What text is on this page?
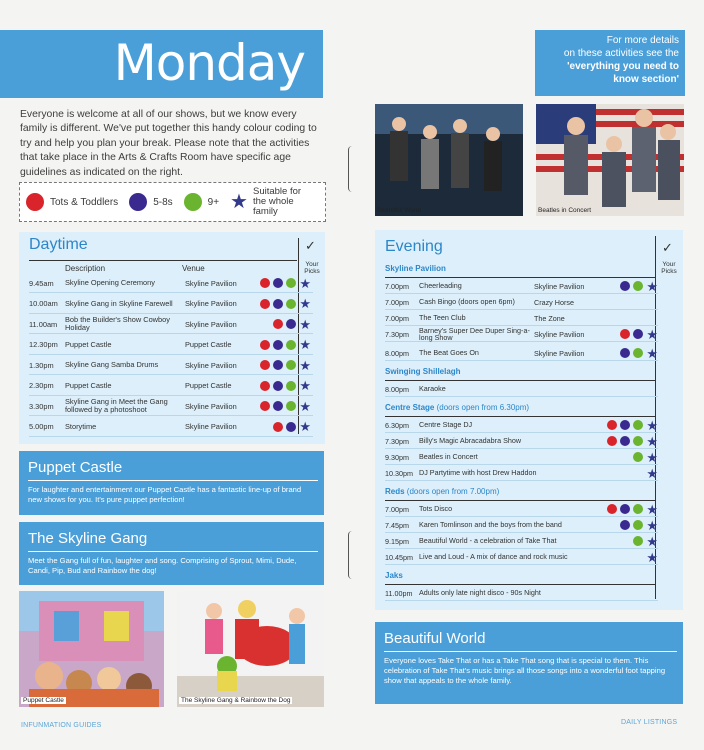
Monday

Everyone is welcome at all of our shows, but we know every family is different. We've put together this handy colour coding to try and help you plan your break. Please note that the activities that take place in the Arts & Crafts Room have specific age guidelines as indicated on the right.

Tots & Toddlers	5-8s	9+ ★ Suitable for the whole family
Daytime	✓
Your Picks
Description	Venue
9.45am	Skyline Opening Ceremony	Skyline Pavilion	★
10.00am Skyline Gang in Skyline Farewell	Skyline Pavilion	★
11.00am	Bob the Builder's Show Cowboy Holiday	Skyline Pavilion	★
12.30pm Puppet Castle	Puppet Castle	★
1.30pm	Skyline Gang Samba Drums	Skyline Pavilion	★
2.30pm	Puppet Castle	Puppet Castle	★
3.30pm	Skyline Gang in Meet the Gang followed by a photoshoot	Skyline Pavilion	★
5.00pm	Storytime	Skyline Pavilion	★
Puppet Castle

For laughter and entertainment our Puppet Castle has a fantastic line-up of brand new shows for you. It's pure puppet perfection!

The Skyline Gang

Meet the Gang full of fun, laughter and song. Comprising of Sprout, Mimi, Dude, Candi, Pip, Bud and Rainbow the dog!

Puppet Castle	The Skyline Gang & Rainbow the Dog
INFUNMATION GUIDES
For more details
on these activities see the
'everything you need to
know section'
Beautiful World	Beatles in Concert
Evening	✓
Your Picks
Skyline Pavilion
7.00pm	Cheerleading	Skyline Pavilion	★
7.00pm	Cash Bingo (doors open 6pm)	Crazy Horse
7.00pm	The Teen Club	The Zone
7.30pm	Barney's Super Dee Duper Sing-a-long Show	Skyline Pavilion	★
8.00pm	The Beat Goes On	Skyline Pavilion	★
Swinging Shillelagh
8.00pm	Karaoke
Centre Stage (doors open from 6.30pm)
6.30pm	Centre Stage DJ	★
7.30pm	Billy's Magic Abracadabra Show	★
9.30pm	Beatles in Concert	★
10.30pm DJ Partytime with host Drew Haddon	★
Reds (doors open from 7.00pm)
7.00pm	Tots Disco	★
7.45pm	Karen Tomlinson and the boys from the band	★
9.15pm	Beautiful World - a celebration of Take That	★
10.45pm Live and Loud - A mix of dance and rock music	★
Jaks
11.00pm Adults only late night disco - 90s Night
Beautiful World

Everyone loves Take That or has a Take That song that is special to them. This celebration of Take That's music brings all those songs into a wonderful foot tapping show that appeals to the whole family.

DAILY LISTINGS
